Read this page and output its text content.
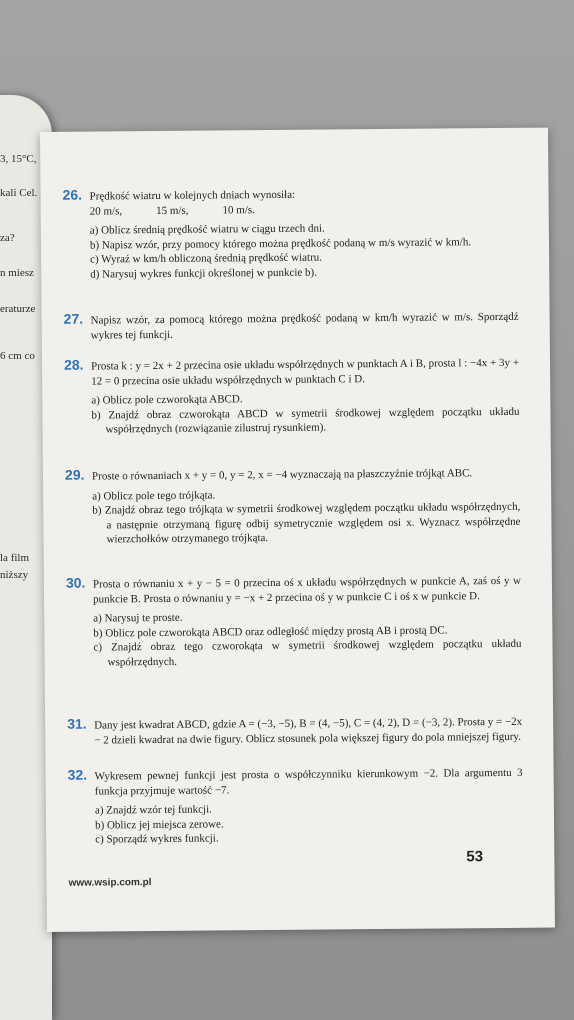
3, 15°C,
kali Cel.
za?
n miesz
eraturze
6 cm co
la film
niższy
26. Prędkość wiatru w kolejnych dniach wynosiła:
20 m/s,	15 m/s,	10 m/s.
a) Oblicz średnią prędkość wiatru w ciągu trzech dni.
b) Napisz wzór, przy pomocy którego można prędkość podaną w m/s wyrazić w km/h.
c) Wyraź w km/h obliczoną średnią prędkość wiatru.
d) Narysuj wykres funkcji określonej w punkcie b).
27. Napisz wzór, za pomocą którego można prędkość podaną w km/h wyrazić w m/s. Sporządź wykres tej funkcji.
28. Prosta k : y = 2x + 2 przecina osie układu współrzędnych w punktach A i B, prosta l : −4x + 3y + 12 = 0 przecina osie układu współrzędnych w punktach C i D.
a) Oblicz pole czworokąta ABCD.
b) Znajdź obraz czworokąta ABCD w symetrii środkowej względem początku układu współrzędnych (rozwiązanie zilustruj rysunkiem).
29. Proste o równaniach x + y = 0, y = 2, x = −4 wyznaczają na płaszczyźnie trójkąt ABC.
a) Oblicz pole tego trójkąta.
b) Znajdź obraz tego trójkąta w symetrii środkowej względem początku układu współrzędnych, a następnie otrzymaną figurę odbij symetrycznie względem osi x. Wyznacz współrzędne wierzchołków otrzymanego trójkąta.
30. Prosta o równaniu x + y − 5 = 0 przecina oś x układu współrzędnych w punkcie A, zaś oś y w punkcie B. Prosta o równaniu y = −x + 2 przecina oś y w punkcie C i oś x w punkcie D.
a) Narysuj te proste.
b) Oblicz pole czworokąta ABCD oraz odległość między prostą AB i prostą DC.
c) Znajdź obraz tego czworokąta w symetrii środkowej względem początku układu współrzędnych.
31. Dany jest kwadrat ABCD, gdzie A = (−3, −5), B = (4, −5), C = (4, 2), D = (−3, 2). Prosta y = −2x − 2 dzieli kwadrat na dwie figury. Oblicz stosunek pola większej figury do pola mniejszej figury.
32. Wykresem pewnej funkcji jest prosta o współczynniku kierunkowym −2. Dla argumentu 3 funkcja przyjmuje wartość −7.
a) Znajdź wzór tej funkcji.
b) Oblicz jej miejsca zerowe.
c) Sporządź wykres funkcji.
53
www.wsip.com.pl
